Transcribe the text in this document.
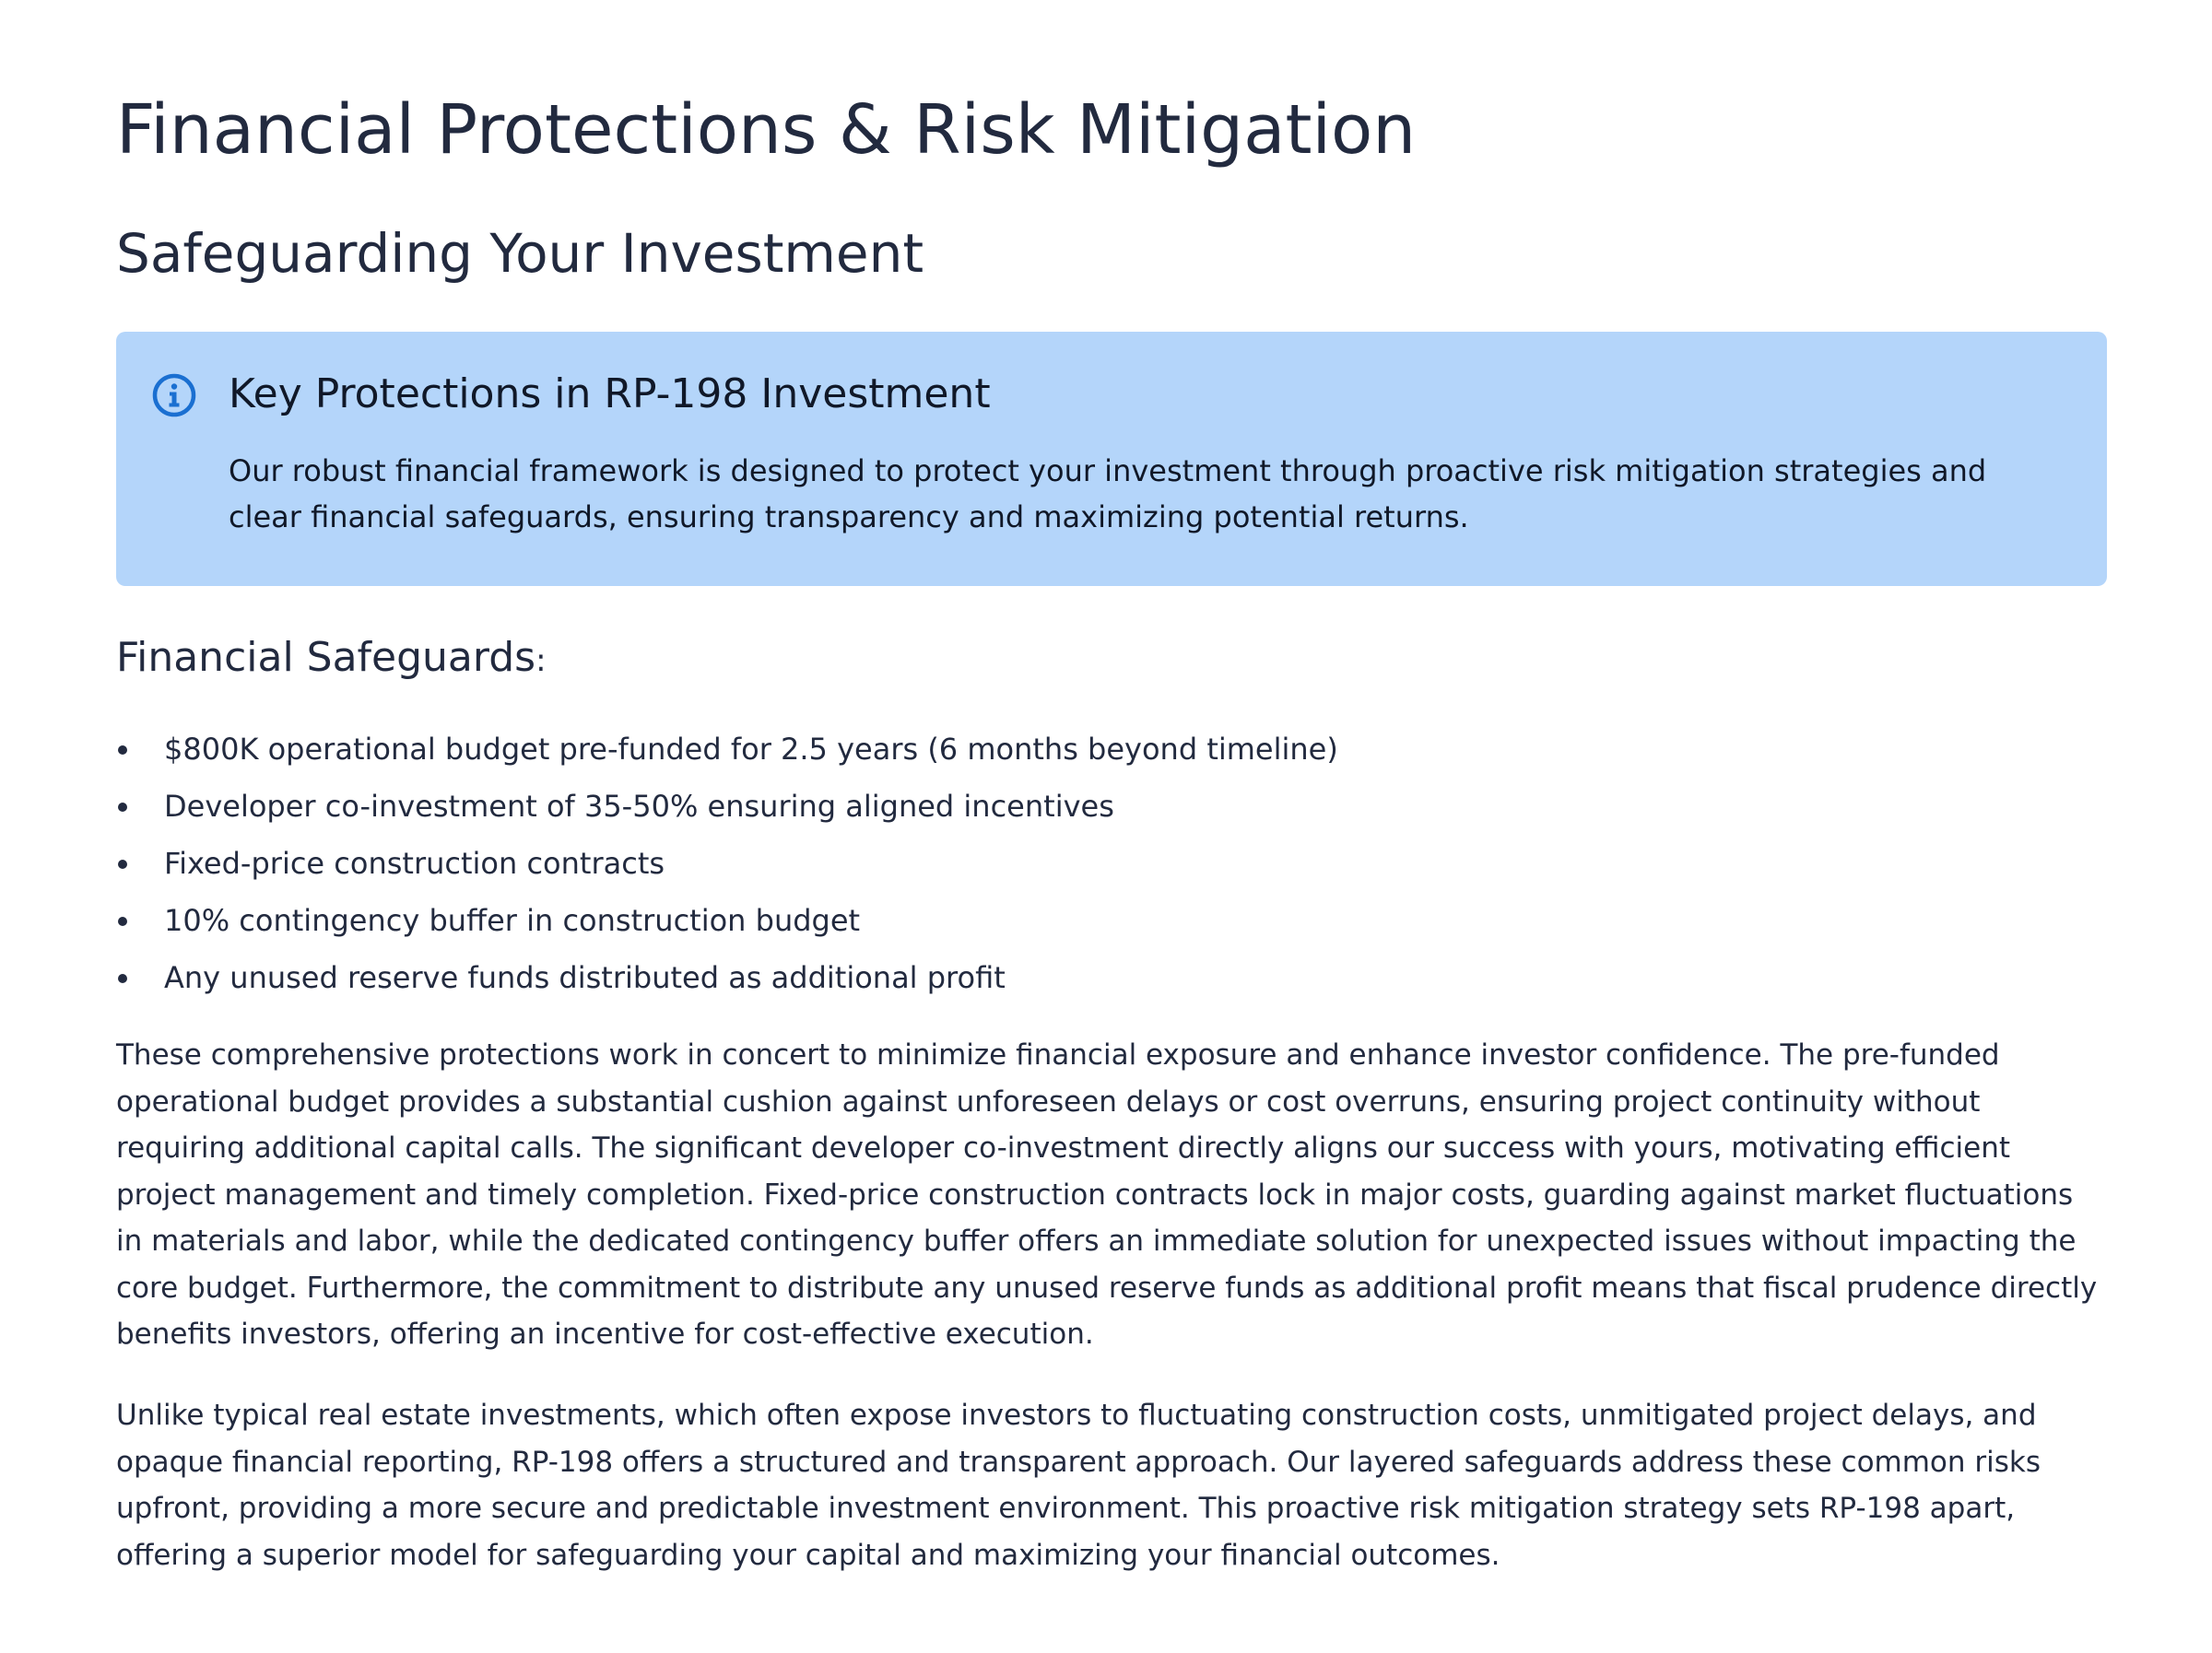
Financial Protections & Risk Mitigation
Safeguarding Your Investment
Key Protections in RP-198 Investment

Our robust financial framework is designed to protect your investment through proactive risk mitigation strategies and clear financial safeguards, ensuring transparency and maximizing potential returns.

Financial Safeguards:
$800K operational budget pre-funded for 2.5 years (6 months beyond timeline)
Developer co-investment of 35-50% ensuring aligned incentives
Fixed-price construction contracts
10% contingency buffer in construction budget
Any unused reserve funds distributed as additional profit

These comprehensive protections work in concert to minimize financial exposure and enhance investor confidence. The pre-funded operational budget provides a substantial cushion against unforeseen delays or cost overruns, ensuring project continuity without requiring additional capital calls. The significant developer co-investment directly aligns our success with yours, motivating efficient project management and timely completion. Fixed-price construction contracts lock in major costs, guarding against market fluctuations in materials and labor, while the dedicated contingency buffer offers an immediate solution for unexpected issues without impacting the core budget. Furthermore, the commitment to distribute any unused reserve funds as additional profit means that fiscal prudence directly benefits investors, offering an incentive for cost-effective execution.

Unlike typical real estate investments, which often expose investors to fluctuating construction costs, unmitigated project delays, and opaque financial reporting, RP-198 offers a structured and transparent approach. Our layered safeguards address these common risks upfront, providing a more secure and predictable investment environment. This proactive risk mitigation strategy sets RP-198 apart, offering a superior model for safeguarding your capital and maximizing your financial outcomes.
